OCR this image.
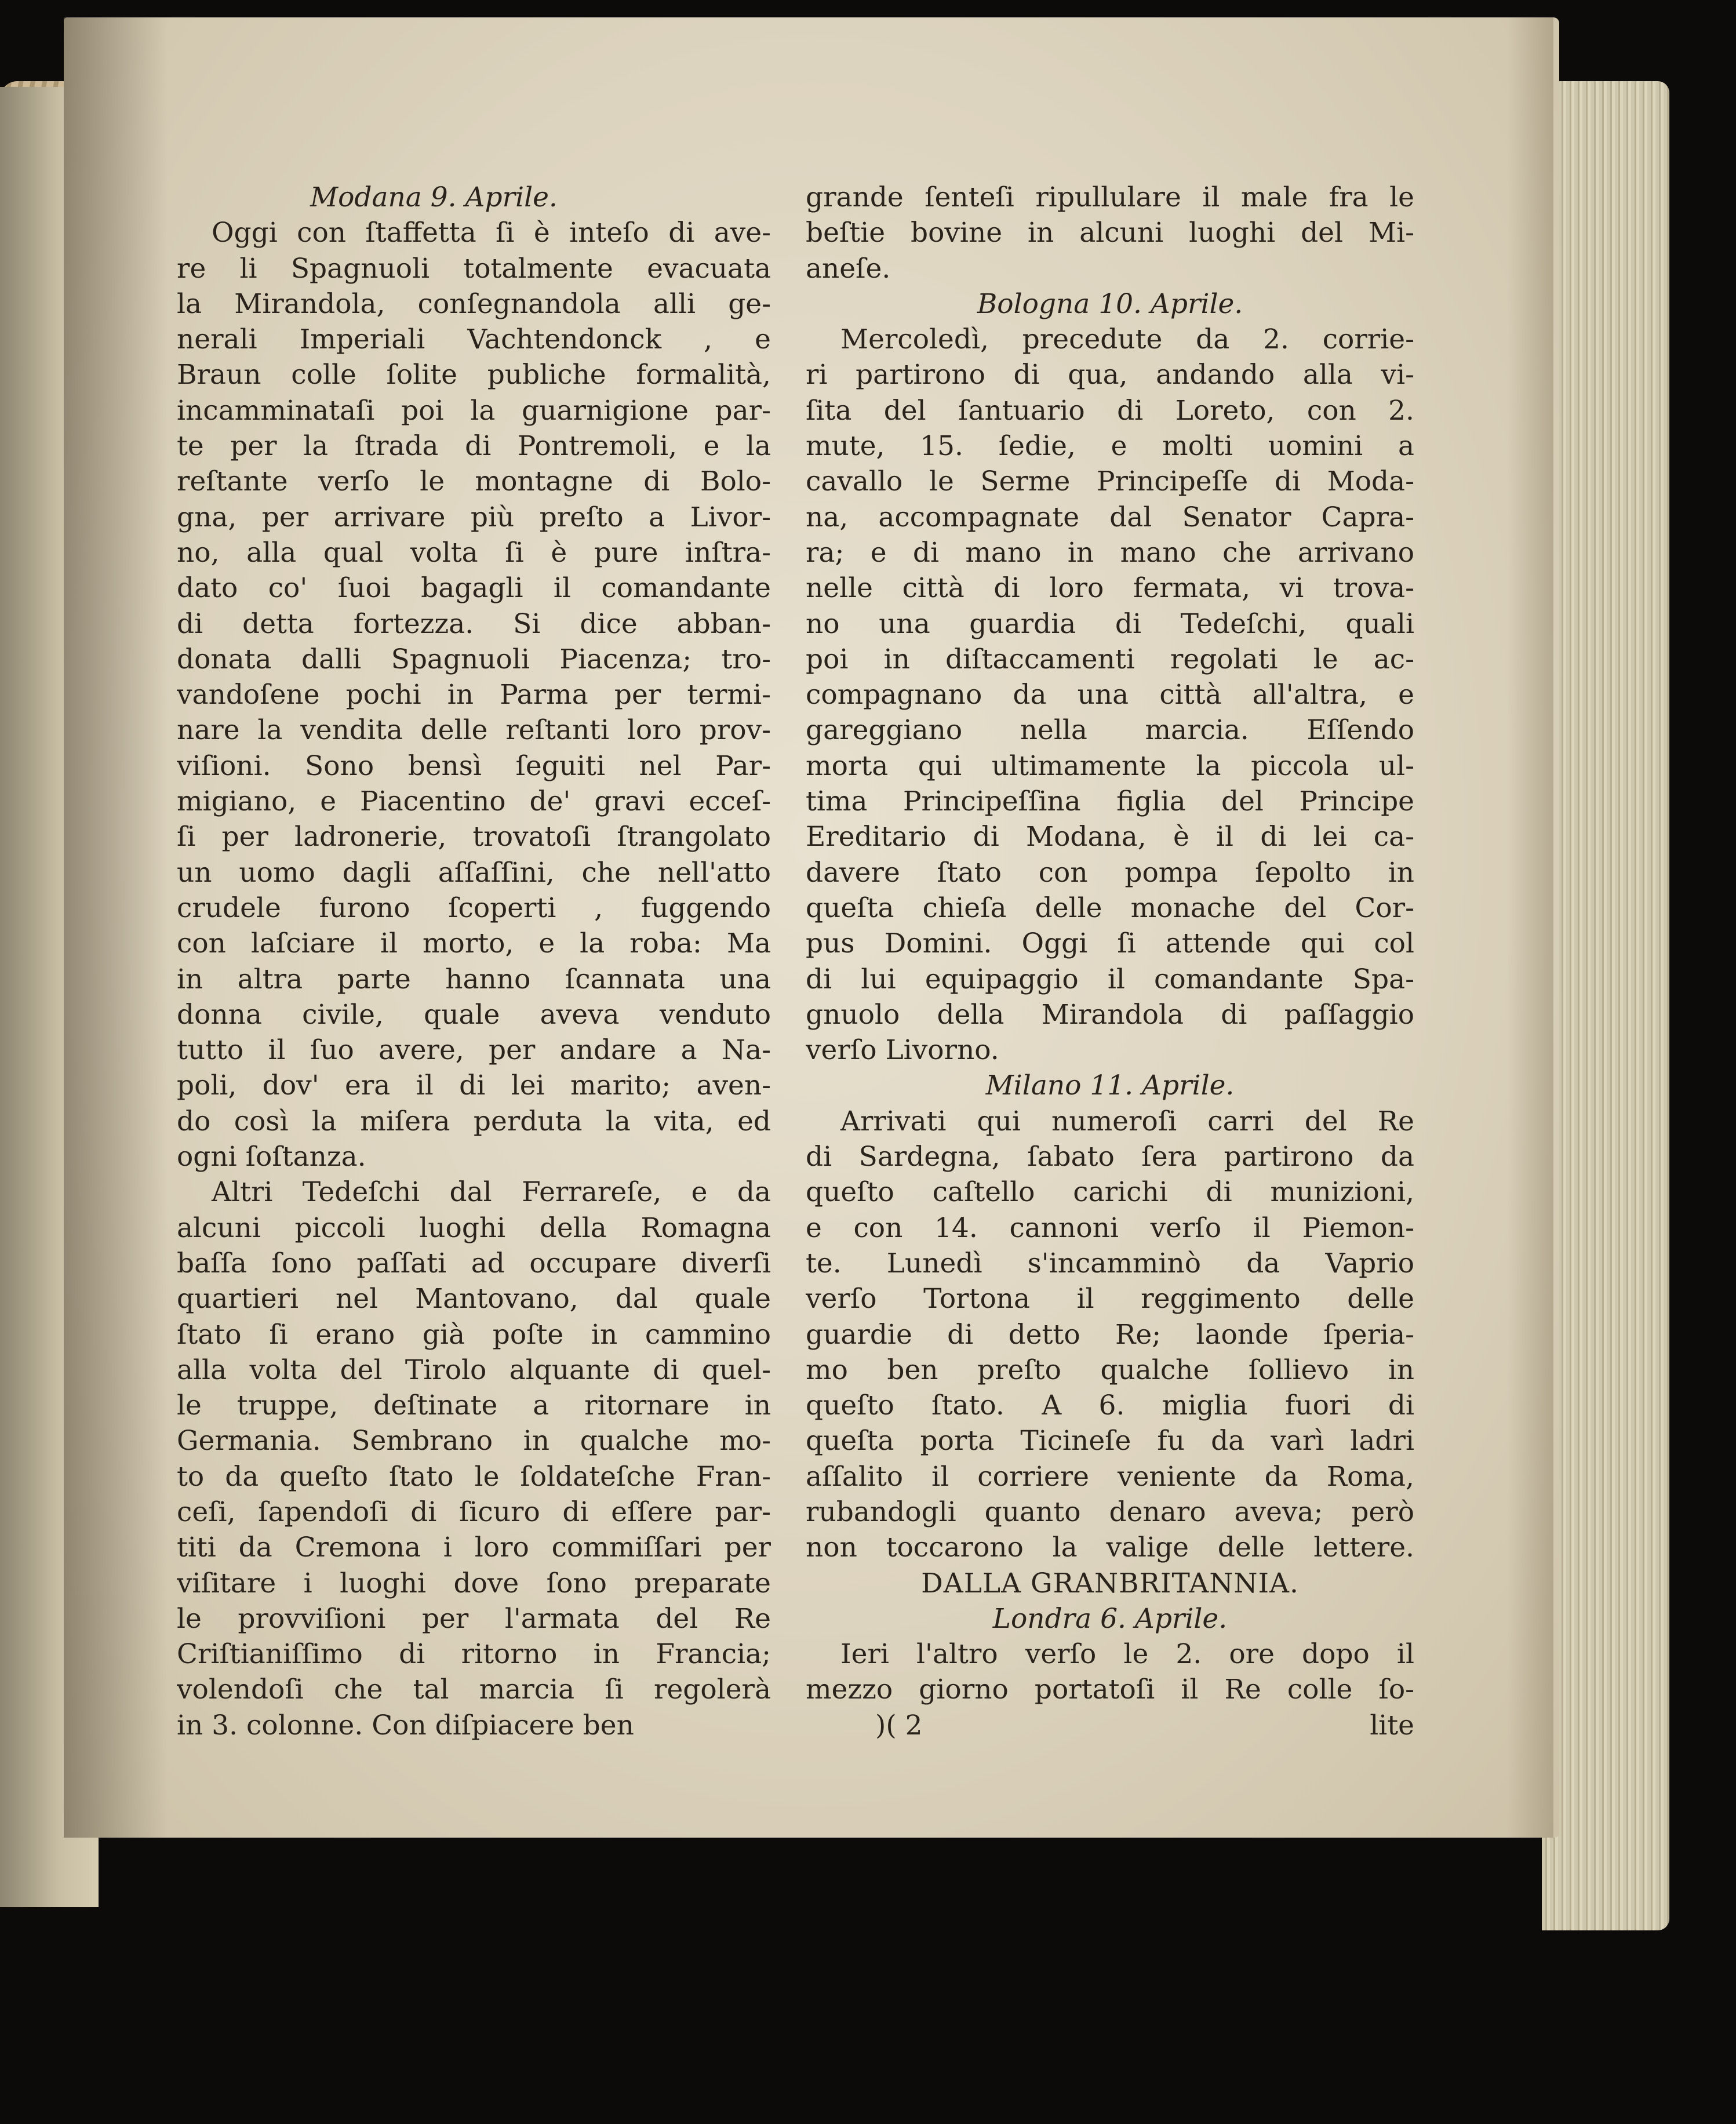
Modana 9. Aprile.
Oggi con ſtaffetta ſi è inteſo di ave-
re li Spagnuoli totalmente evacuata
la Mirandola, conſegnandola alli ge-
nerali Imperiali Vachtendonck , e
Braun colle ſolite publiche formalità,
incamminataſi poi la guarnigione par-
te per la ſtrada di Pontremoli, e la
reſtante verſo le montagne di Bolo-
gna, per arrivare più preſto a Livor-
no, alla qual volta ſi è pure inſtra-
dato co' ſuoi bagagli il comandante
di detta fortezza. Si dice abban-
donata dalli Spagnuoli Piacenza; tro-
vandoſene pochi in Parma per termi-
nare la vendita delle reſtanti loro prov-
viſioni. Sono bensì ſeguiti nel Par-
migiano, e Piacentino de' gravi ecceſ-
ſi per ladronerie, trovatoſi ſtrangolato
un uomo dagli aſſaſſini, che nell'atto
crudele furono ſcoperti , fuggendo
con laſciare il morto, e la roba: Ma
in altra parte hanno ſcannata una
donna civile, quale aveva venduto
tutto il ſuo avere, per andare a Na-
poli, dov' era il di lei marito; aven-
do così la miſera perduta la vita, ed
ogni ſoſtanza.
Altri Tedeſchi dal Ferrareſe, e da
alcuni piccoli luoghi della Romagna
baſſa ſono paſſati ad occupare diverſi
quartieri nel Mantovano, dal quale
ſtato ſi erano già poſte in cammino
alla volta del Tirolo alquante di quel-
le truppe, deſtinate a ritornare in
Germania. Sembrano in qualche mo-
to da queſto ſtato le ſoldateſche Fran-
ceſi, ſapendoſi di ſicuro di eſſere par-
titi da Cremona i loro commiſſari per
viſitare i luoghi dove ſono preparate
le provviſioni per l'armata del Re
Criſtianiſſimo di ritorno in Francia;
volendoſi che tal marcia ſi regolerà
in 3. colonne. Con diſpiacere ben
grande ſenteſi ripullulare il male fra le
beſtie bovine in alcuni luoghi del Mi-
aneſe.
Bologna 10. Aprile.
Mercoledì, precedute da 2. corrie-
ri partirono di qua, andando alla vi-
ſita del ſantuario di Loreto, con 2.
mute, 15. ſedie, e molti uomini a
cavallo le Serme Principeſſe di Moda-
na, accompagnate dal Senator Capra-
ra; e di mano in mano che arrivano
nelle città di loro fermata, vi trova-
no una guardia di Tedeſchi, quali
poi in diſtaccamenti regolati le ac-
compagnano da una città all'altra, e
gareggiano nella marcia. Eſſendo
morta qui ultimamente la piccola ul-
tima Principeſſina figlia del Principe
Ereditario di Modana, è il di lei ca-
davere ſtato con pompa ſepolto in
queſta chieſa delle monache del Cor-
pus Domini. Oggi ſi attende qui col
di lui equipaggio il comandante Spa-
gnuolo della Mirandola di paſſaggio
verſo Livorno.
Milano 11. Aprile.
Arrivati qui numeroſi carri del Re
di Sardegna, ſabato ſera partirono da
queſto caſtello carichi di munizioni,
e con 14. cannoni verſo il Piemon-
te. Lunedì s'incamminò da Vaprio
verſo Tortona il reggimento delle
guardie di detto Re; laonde ſperia-
mo ben preſto qualche ſollievo in
queſto ſtato. A 6. miglia fuori di
queſta porta Ticineſe fu da varì ladri
aſſalito il corriere veniente da Roma,
rubandogli quanto denaro aveva; però
non toccarono la valige delle lettere.
DALLA GRANBRITANNIA.
Londra 6. Aprile.
Ieri l'altro verſo le 2. ore dopo il
mezzo giorno portatoſi il Re colle ſo-
)( 2	lite
